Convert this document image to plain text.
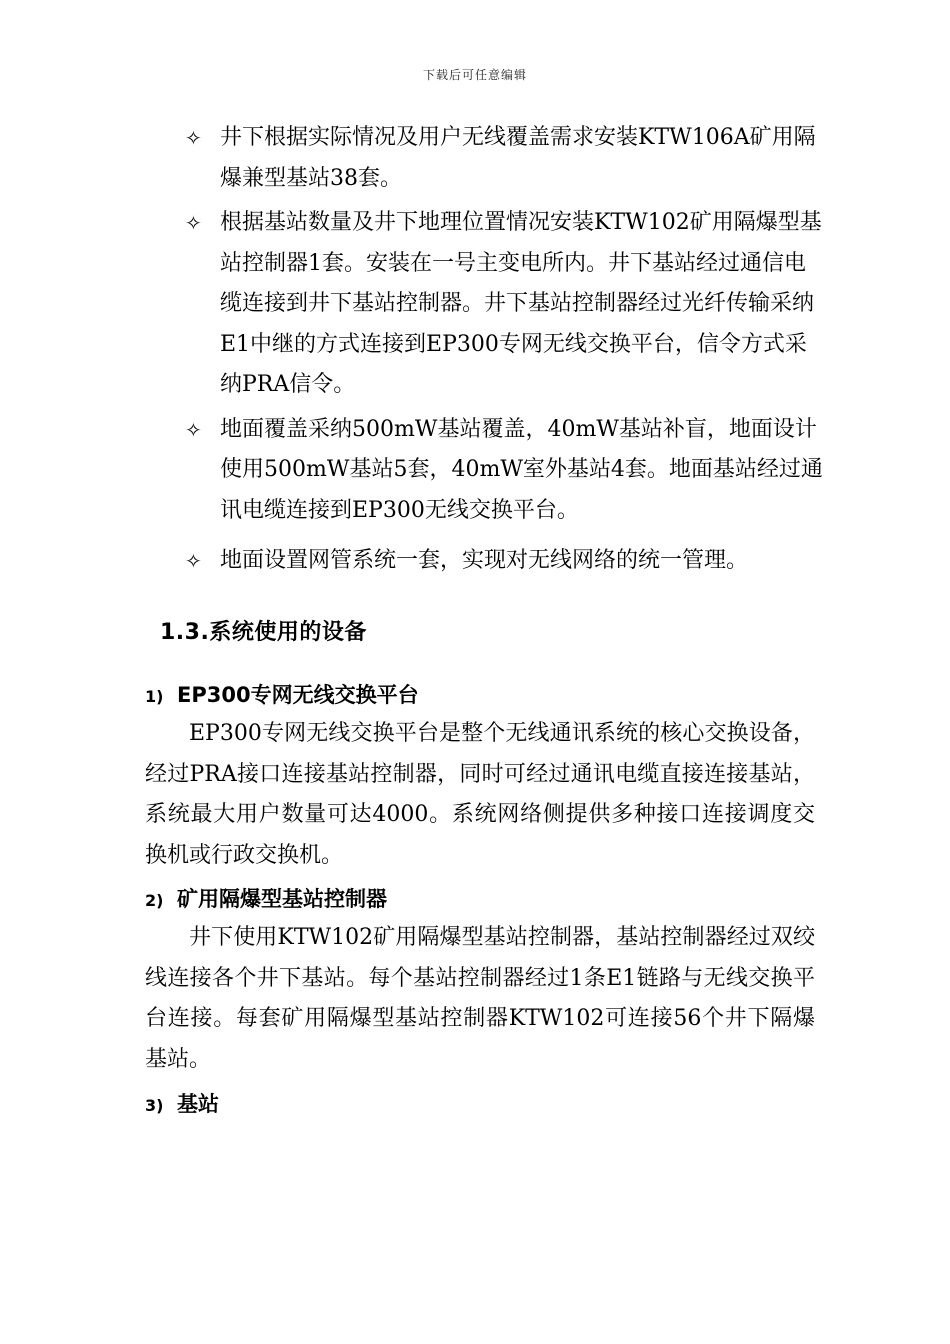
下载后可任意编辑
✧ 井下根据实际情况及用户无线覆盖需求安装KTW106A矿用隔爆兼型基站38套。
✧ 根据基站数量及井下地理位置情况安装KTW102矿用隔爆型基站控制器1套。安装在一号主变电所内。井下基站经过通信电缆连接到井下基站控制器。井下基站控制器经过光纤传输采纳E1中继的方式连接到EP300专网无线交换平台，信令方式采纳PRA信令。
✧ 地面覆盖采纳500mW基站覆盖，40mW基站补盲，地面设计使用500mW基站5套，40mW室外基站4套。地面基站经过通讯电缆连接到EP300无线交换平台。
✧ 地面设置网管系统一套，实现对无线网络的统一管理。
1.3.系统使用的设备
1) EP300专网无线交换平台

EP300专网无线交换平台是整个无线通讯系统的核心交换设备，经过PRA接口连接基站控制器，同时可经过通讯电缆直接连接基站，系统最大用户数量可达4000。系统网络侧提供多种接口连接调度交换机或行政交换机。

2) 矿用隔爆型基站控制器

井下使用KTW102矿用隔爆型基站控制器，基站控制器经过双绞线连接各个井下基站。每个基站控制器经过1条E1链路与无线交换平台连接。每套矿用隔爆型基站控制器KTW102可连接56个井下隔爆基站。

3) 基站
